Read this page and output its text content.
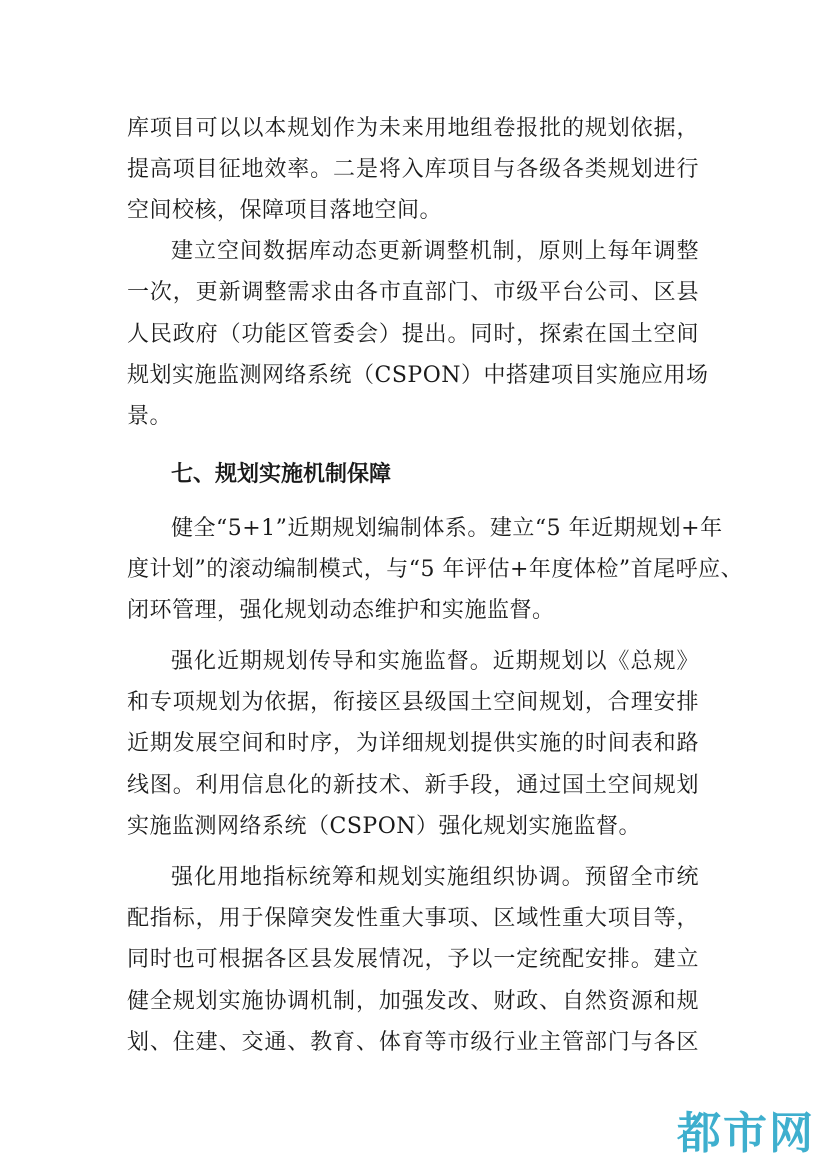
库项目可以以本规划作为未来用地组卷报批的规划依据，
提高项目征地效率。二是将入库项目与各级各类规划进行
空间校核，保障项目落地空间。
建立空间数据库动态更新调整机制，原则上每年调整
一次，更新调整需求由各市直部门、市级平台公司、区县
人民政府（功能区管委会）提出。同时，探索在国土空间
规划实施监测网络系统（CSPON）中搭建项目实施应用场
景。
七、规划实施机制保障
健全“5+1”近期规划编制体系。建立“5 年近期规划+年
度计划”的滚动编制模式，与“5 年评估+年度体检”首尾呼应、
闭环管理，强化规划动态维护和实施监督。
强化近期规划传导和实施监督。近期规划以《总规》
和专项规划为依据，衔接区县级国土空间规划，合理安排
近期发展空间和时序，为详细规划提供实施的时间表和路
线图。利用信息化的新技术、新手段，通过国土空间规划
实施监测网络系统（CSPON）强化规划实施监督。
强化用地指标统筹和规划实施组织协调。预留全市统
配指标，用于保障突发性重大事项、区域性重大项目等，
同时也可根据各区县发展情况，予以一定统配安排。建立
健全规划实施协调机制，加强发改、财政、自然资源和规
划、住建、交通、教育、体育等市级行业主管部门与各区
都市网
